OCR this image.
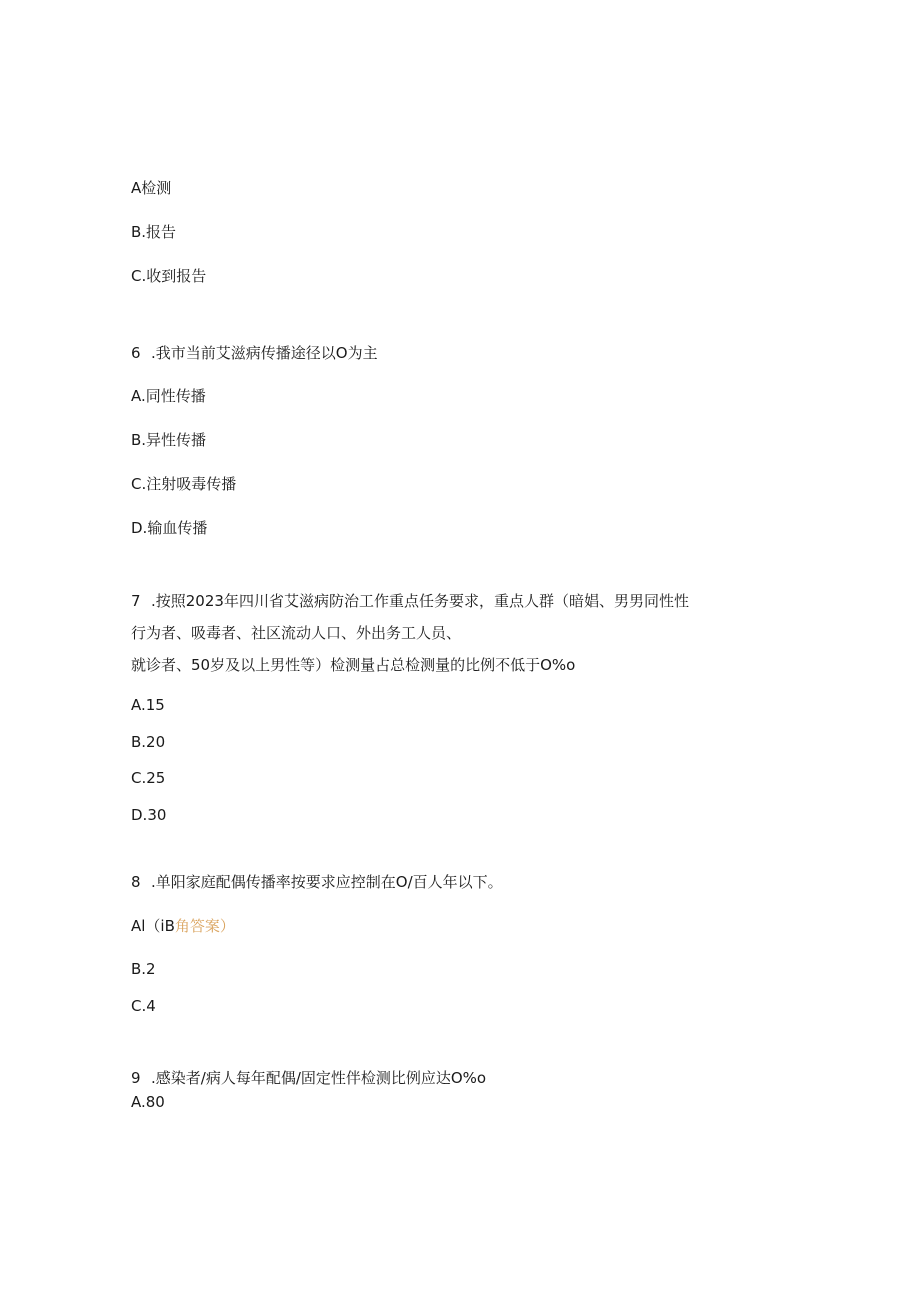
A检测
B.报告
C.收到报告
6 .我市当前艾滋病传播途径以O为主
A.同性传播
B.异性传播
C.注射吸毒传播
D.输血传播
7 .按照2023年四川省艾滋病防治工作重点任务要求，重点人群（暗娼、男男同性性
行为者、吸毒者、社区流动人口、外出务工人员、
就诊者、50岁及以上男性等）检测量占总检测量的比例不低于O%o
A.15
B.20
C.25
D.30
8 .单阳家庭配偶传播率按要求应控制在O/百人年以下。
Al（iB角答案）
B.2
C.4
9 .感染者/病人每年配偶/固定性伴检测比例应达O%o
A.80
